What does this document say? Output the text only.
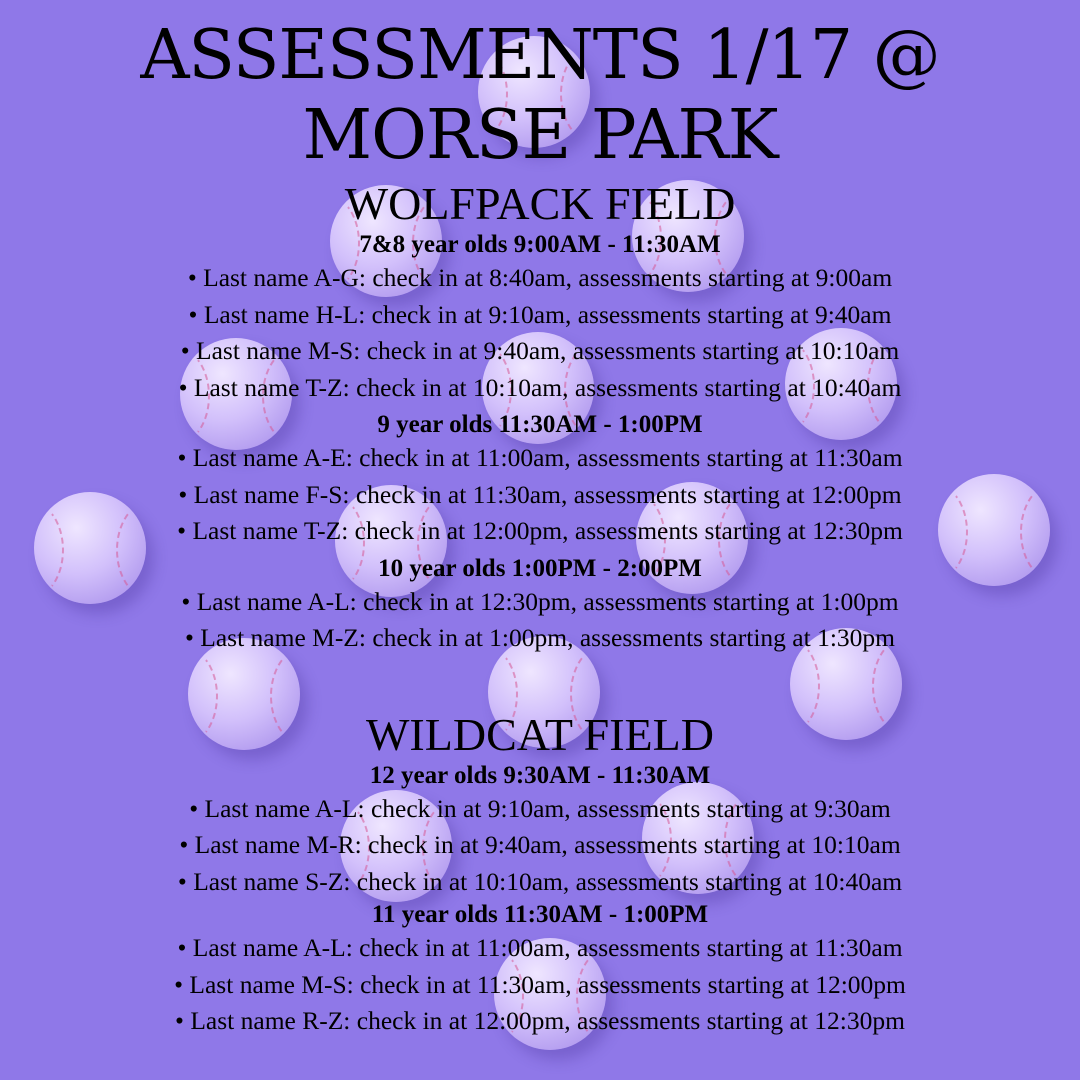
ASSESSMENTS 1/17 @
MORSE PARK
WOLFPACK FIELD
7&8 year olds 9:00AM - 11:30AM
• Last name A-G: check in at 8:40am, assessments starting at 9:00am
• Last name H-L: check in at 9:10am, assessments starting at 9:40am
• Last name M-S: check in at 9:40am, assessments starting at 10:10am
• Last name T-Z: check in at 10:10am, assessments starting at 10:40am
9 year olds 11:30AM - 1:00PM
• Last name A-E: check in at 11:00am, assessments starting at 11:30am
• Last name F-S: check in at 11:30am, assessments starting at 12:00pm
• Last name T-Z: check in at 12:00pm, assessments starting at 12:30pm
10 year olds 1:00PM - 2:00PM
• Last name A-L: check in at 12:30pm, assessments starting at 1:00pm
• Last name M-Z: check in at 1:00pm, assessments starting at 1:30pm
WILDCAT FIELD
12 year olds 9:30AM - 11:30AM
• Last name A-L: check in at 9:10am, assessments starting at 9:30am
• Last name M-R: check in at 9:40am, assessments starting at 10:10am
• Last name S-Z: check in at 10:10am, assessments starting at 10:40am
11 year olds 11:30AM - 1:00PM
• Last name A-L: check in at 11:00am, assessments starting at 11:30am
• Last name M-S: check in at 11:30am, assessments starting at 12:00pm
• Last name R-Z: check in at 12:00pm, assessments starting at 12:30pm
